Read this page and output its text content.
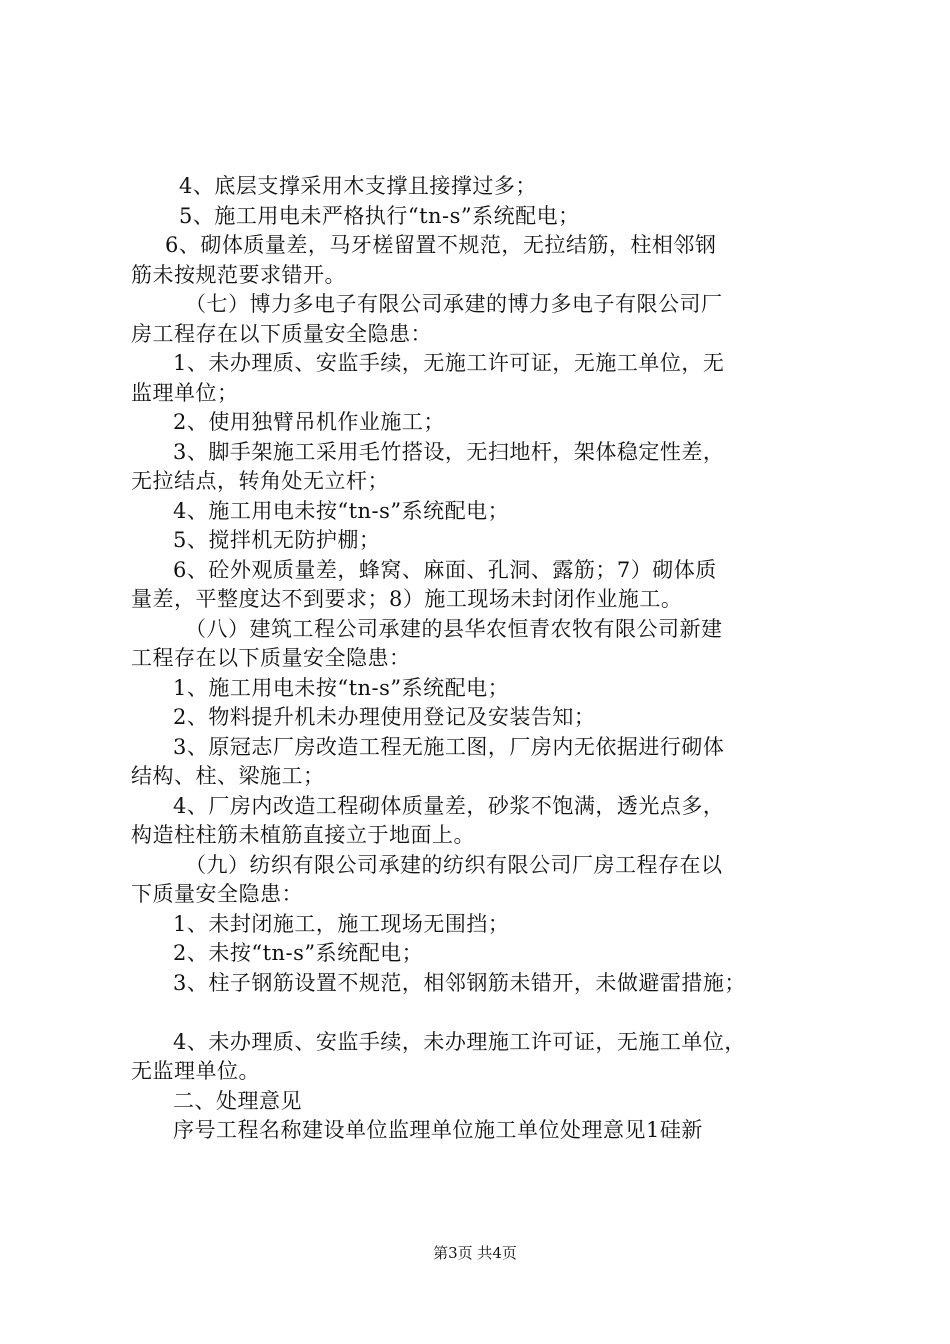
4、底层支撑采用木支撑且接撑过多；
5、施工用电未严格执行“tn-s”系统配电；
6、砌体质量差，马牙槎留置不规范，无拉结筋，柱相邻钢
筋未按规范要求错开。
（七）博力多电子有限公司承建的博力多电子有限公司厂
房工程存在以下质量安全隐患：
1、未办理质、安监手续，无施工许可证，无施工单位，无
监理单位；
2、使用独臂吊机作业施工；
3、脚手架施工采用毛竹搭设，无扫地杆，架体稳定性差，
无拉结点，转角处无立杆；
4、施工用电未按“tn-s”系统配电；
5、搅拌机无防护棚；
6、砼外观质量差，蜂窝、麻面、孔洞、露筋；7）砌体质
量差，平整度达不到要求；8）施工现场未封闭作业施工。
（八）建筑工程公司承建的县华农恒青农牧有限公司新建
工程存在以下质量安全隐患：
1、施工用电未按“tn-s”系统配电；
2、物料提升机未办理使用登记及安装告知；
3、原冠志厂房改造工程无施工图，厂房内无依据进行砌体
结构、柱、梁施工；
4、厂房内改造工程砌体质量差，砂浆不饱满，透光点多，
构造柱柱筋未植筋直接立于地面上。
（九）纺织有限公司承建的纺织有限公司厂房工程存在以
下质量安全隐患：
1、未封闭施工，施工现场无围挡；
2、未按“tn-s”系统配电；
3、柱子钢筋设置不规范，相邻钢筋未错开，未做避雷措施；
4、未办理质、安监手续，未办理施工许可证，无施工单位，
无监理单位。
二、处理意见
序号工程名称建设单位监理单位施工单位处理意见1硅新
第3页 共4页
